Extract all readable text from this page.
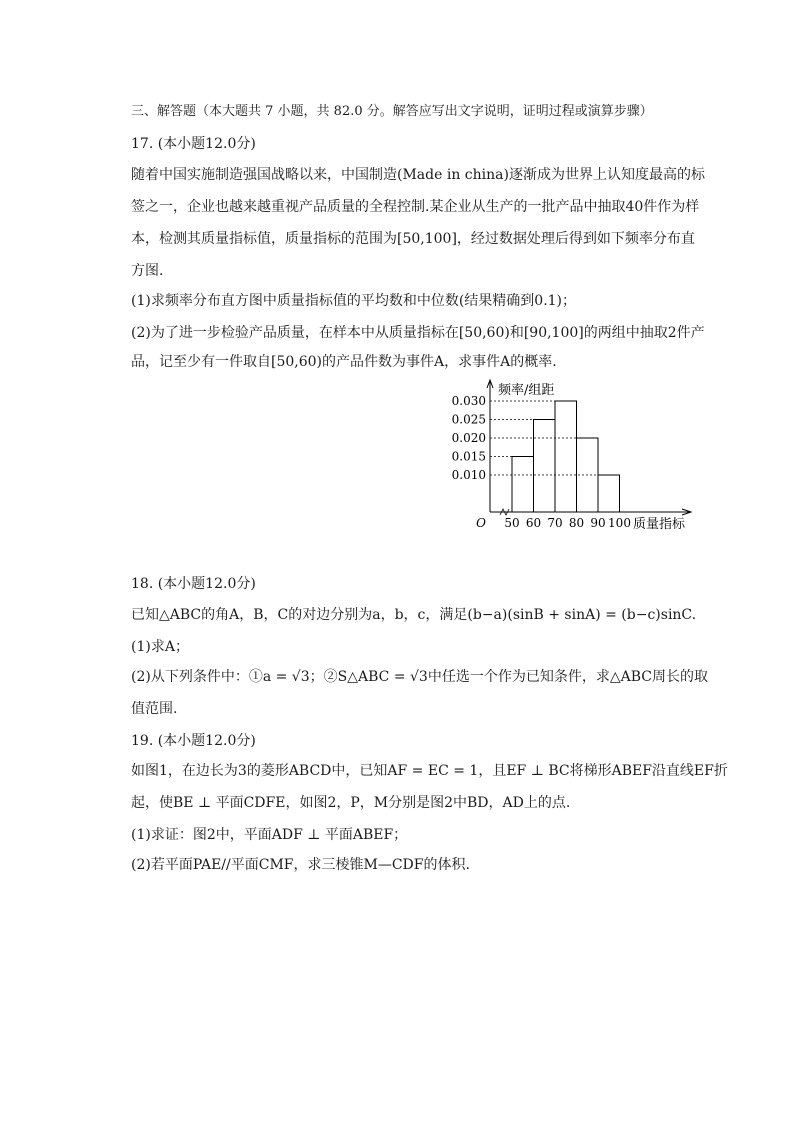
三、解答题（本大题共 7 小题，共 82.0 分。解答应写出文字说明，证明过程或演算步骤）
17. (本小题12.0分)
随着中国实施制造强国战略以来，中国制造(Made in china)逐渐成为世界上认知度最高的标
签之一，企业也越来越重视产品质量的全程控制.某企业从生产的一批产品中抽取40件作为样
本，检测其质量指标值，质量指标的范围为[50,100]，经过数据处理后得到如下频率分布直
方图.
(1)求频率分布直方图中质量指标值的平均数和中位数(结果精确到0.1)；
(2)为了进一步检验产品质量，在样本中从质量指标在[50,60)和[90,100]的两组中抽取2件产
品，记至少有一件取自[50,60)的产品件数为事件A，求事件A的概率.
0.010
0.015
0.020
0.025
0.030
50 60 70 80 90 100
频率/组距
质量指标
O
18. (本小题12.0分)
已知△ABC的角A，B，C的对边分别为a，b，c，满足(b−a)(sinB + sinA) = (b−c)sinC.
(1)求A；
(2)从下列条件中：①a = √3；②S△ABC = √3中任选一个作为已知条件，求△ABC周长的取
值范围.
19. (本小题12.0分)
如图1，在边长为3的菱形ABCD中，已知AF = EC = 1，且EF ⊥ BC将梯形ABEF沿直线EF折
起，使BE ⊥ 平面CDFE，如图2，P，M分别是图2中BD，AD上的点.
(1)求证：图2中，平面ADF ⊥ 平面ABEF；
(2)若平面PAE//平面CMF，求三棱锥M—CDF的体积.
